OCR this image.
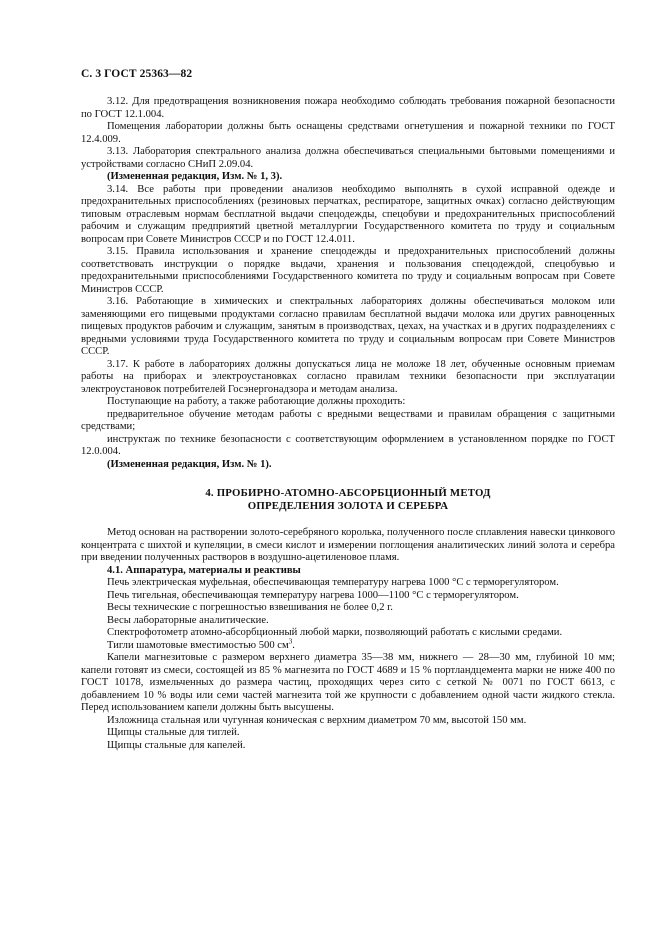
С. 3 ГОСТ 25363—82

3.12. Для предотвращения возникновения пожара необходимо соблюдать требования пожарной безопасности по ГОСТ 12.1.004.

Помещения лаборатории должны быть оснащены средствами огнетушения и пожарной техники по ГОСТ 12.4.009.

3.13. Лаборатория спектрального анализа должна обеспечиваться специальными бытовыми помещениями и устройствами согласно СНиП 2.09.04.

(Измененная редакция, Изм. № 1, 3).

3.14. Все работы при проведении анализов необходимо выполнять в сухой исправной одежде и предохранительных приспособлениях (резиновых перчатках, респираторе, защитных очках) согласно действующим типовым отраслевым нормам бесплатной выдачи спецодежды, спецобуви и предохранительных приспособлений рабочим и служащим предприятий цветной металлургии Государственного комитета по труду и социальным вопросам при Совете Министров СССР и по ГОСТ 12.4.011.

3.15. Правила использования и хранение спецодежды и предохранительных приспособлений должны соответствовать инструкции о порядке выдачи, хранения и пользования спецодеждой, спецобувью и предохранительными приспособлениями Государственного комитета по труду и социальным вопросам при Совете Министров СССР.

3.16. Работающие в химических и спектральных лабораториях должны обеспечиваться молоком или заменяющими его пищевыми продуктами согласно правилам бесплатной выдачи молока или других равноценных пищевых продуктов рабочим и служащим, занятым в производствах, цехах, на участках и в других подразделениях с вредными условиями труда Государственного комитета по труду и социальным вопросам при Совете Министров СССР.

3.17. К работе в лабораториях должны допускаться лица не моложе 18 лет, обученные основным приемам работы на приборах и электроустановках согласно правилам техники безопасности при эксплуатации электроустановок потребителей Госэнергонадзора и методам анализа.

Поступающие на работу, а также работающие должны проходить:

предварительное обучение методам работы с вредными веществами и правилам обращения с защитными средствами;

инструктаж по технике безопасности с соответствующим оформлением в установленном порядке по ГОСТ 12.0.004.

(Измененная редакция, Изм. № 1).

4. ПРОБИРНО-АТОМНО-АБСОРБЦИОННЫЙ МЕТОД
ОПРЕДЕЛЕНИЯ ЗОЛОТА И СЕРЕБРА

Метод основан на растворении золото-серебряного королька, полученного после сплавления навески цинкового концентрата с шихтой и купеляции, в смеси кислот и измерении поглощения аналитических линий золота и серебра при введении полученных растворов в воздушно-ацетиленовое пламя.

4.1. Аппаратура, материалы и реактивы

Печь электрическая муфельная, обеспечивающая температуру нагрева 1000 °С с терморегулятором.

Печь тигельная, обеспечивающая температуру нагрева 1000—1100 °С с терморегулятором.

Весы технические с погрешностью взвешивания не более 0,2 г.

Весы лабораторные аналитические.

Спектрофотометр атомно-абсорбционный любой марки, позволяющий работать с кислыми средами.

Тигли шамотовые вместимостью 500 $см^3$.

Капели магнезитовые с размером верхнего диаметра 35—38 мм, нижнего — 28—30 мм, глубиной 10 мм; капели готовят из смеси, состоящей из 85 % магнезита по ГОСТ 4689 и 15 % портландцемента марки не ниже 400 по ГОСТ 10178, измельченных до размера частиц, проходящих через сито с сеткой № 0071 по ГОСТ 6613, с добавлением 10 % воды или семи частей магнезита той же крупности с добавлением одной части жидкого стекла. Перед использованием капели должны быть высушены.

Изложница стальная или чугунная коническая с верхним диаметром 70 мм, высотой 150 мм.

Щипцы стальные для тиглей.

Щипцы стальные для капелей.
